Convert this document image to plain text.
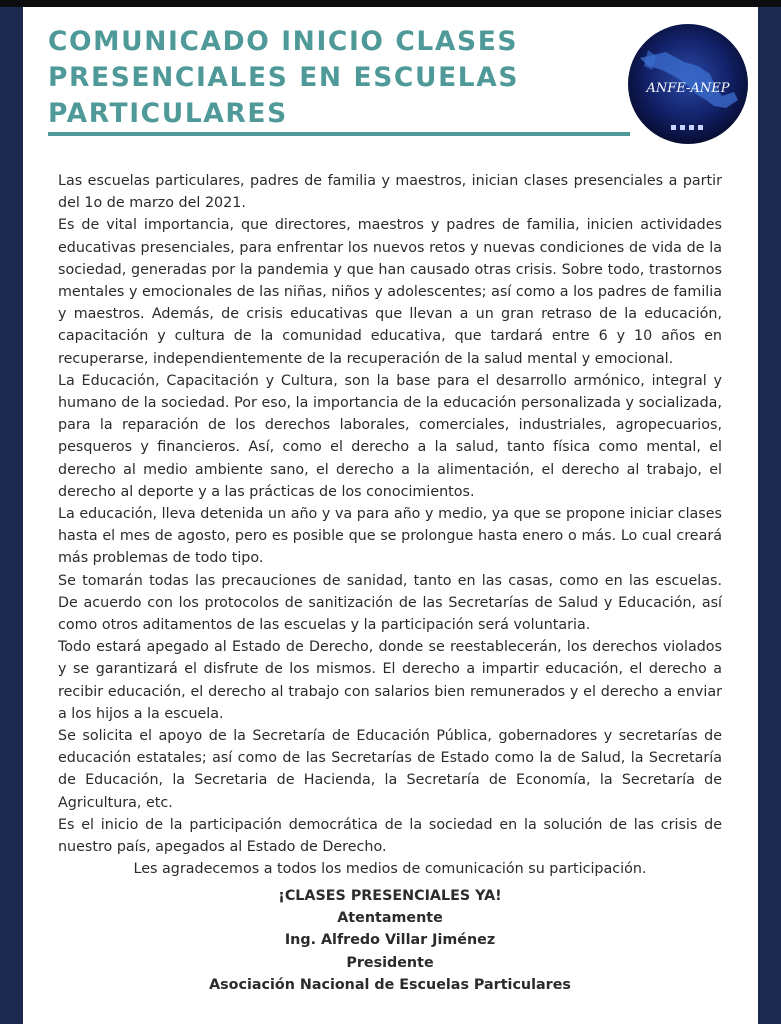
COMUNICADO INICIO CLASES PRESENCIALES EN ESCUELAS PARTICULARES
ANFE-ANEP

Las escuelas particulares, padres de familia y maestros, inician clases presenciales a partir del 1o de marzo del 2021.

Es de vital importancia, que directores, maestros y padres de familia, inicien actividades educativas presenciales, para enfrentar los nuevos retos y nuevas condiciones de vida de la sociedad, generadas por la pandemia y que han causado otras crisis. Sobre todo, trastornos mentales y emocionales de las niñas, niños y adolescentes; así como a los padres de familia y maestros. Además, de crisis educativas que llevan a un gran retraso de la educación, capacitación y cultura de la comunidad educativa, que tardará entre 6 y 10 años en recuperarse, independientemente de la recuperación de la salud mental y emocional.

La Educación, Capacitación y Cultura, son la base para el desarrollo armónico, integral y humano de la sociedad. Por eso, la importancia de la educación personalizada y socializada, para la reparación de los derechos laborales, comerciales, industriales, agropecuarios, pesqueros y financieros. Así, como el derecho a la salud, tanto física como mental, el derecho al medio ambiente sano, el derecho a la alimentación, el derecho al trabajo, el derecho al deporte y a las prácticas de los conocimientos.

La educación, lleva detenida un año y va para año y medio, ya que se propone iniciar clases hasta el mes de agosto, pero es posible que se prolongue hasta enero o más. Lo cual creará más problemas de todo tipo.

Se tomarán todas las precauciones de sanidad, tanto en las casas, como en las escuelas. De acuerdo con los protocolos de sanitización de las Secretarías de Salud y Educación, así como otros aditamentos de las escuelas y la participación será voluntaria.

Todo estará apegado al Estado de Derecho, donde se reestablecerán, los derechos violados y se garantizará el disfrute de los mismos. El derecho a impartir educación, el derecho a recibir educación, el derecho al trabajo con salarios bien remunerados y el derecho a enviar a los hijos a la escuela.

Se solicita el apoyo de la Secretaría de Educación Pública, gobernadores y secretarías de educación estatales; así como de las Secretarías de Estado como la de Salud, la Secretaría de Educación, la Secretaria de Hacienda, la Secretaría de Economía, la Secretaría de Agricultura, etc.

Es el inicio de la participación democrática de la sociedad en la solución de las crisis de nuestro país, apegados al Estado de Derecho.

Les agradecemos a todos los medios de comunicación su participación.

¡CLASES PRESENCIALES YA!

Atentamente

Ing. Alfredo Villar Jiménez

Presidente

Asociación Nacional de Escuelas Particulares
